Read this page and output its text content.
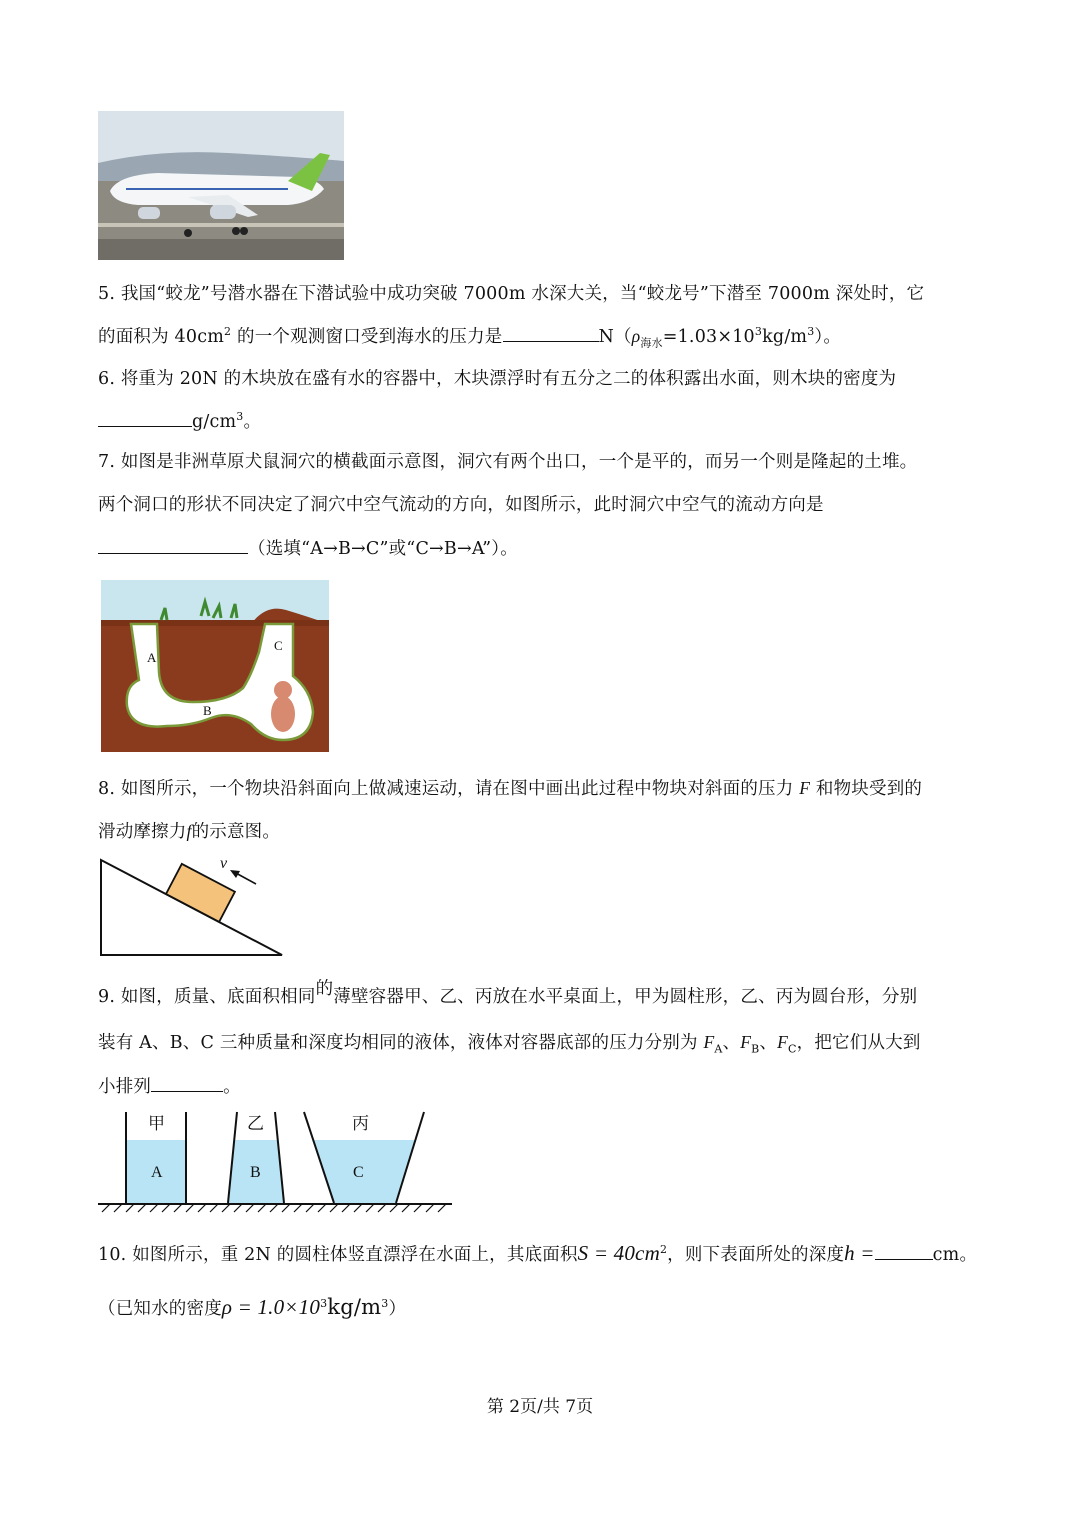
5. 我国“蛟龙”号潜水器在下潜试验中成功突破 7000m 水深大关，当“蛟龙号”下潜至 7000m 深处时，它
的面积为 $40cm^2$ 的一个观测窗口受到海水的压力是	$N(\rho_{海水}=1.03\times 10^3kg/m^3)$。
6. 将重为 20N 的木块放在盛有水的容器中，木块漂浮时有五分之二的体积露出水面，则木块的密度为
$g/cm^3$。
7. 如图是非洲草原犬鼠洞穴的横截面示意图，洞穴有两个出口，一个是平的，而另一个则是隆起的土堆。
两个洞口的形状不同决定了洞穴中空气流动的方向，如图所示，此时洞穴中空气的流动方向是
（选填“A→B→C”或“C→B→A”）。
A
B
C
8. 如图所示，一个物块沿斜面向上做减速运动，请在图中画出此过程中物块对斜面的压力 F 和物块受到的
滑动摩擦力f的示意图。
v
9. 如图，质量、底面积相同的薄壁容器甲、乙、丙放在水平桌面上，甲为圆柱形，乙、丙为圆台形，分别
装有 A、B、C 三种质量和深度均相同的液体，液体对容器底部的压力分别为 $F_A$、$F_B$、$F_C$，把它们从大到
小排列	。
甲	乙	丙
A	B	C
10. 如图所示，重 2N 的圆柱体竖直漂浮在水面上，其底面积$S = 40cm^2$，则下表面所处的深度h =	cm。
（已知水的密度$\rho = 1.0\times 10^3kg/m^3$）
第 2页/共 7页
